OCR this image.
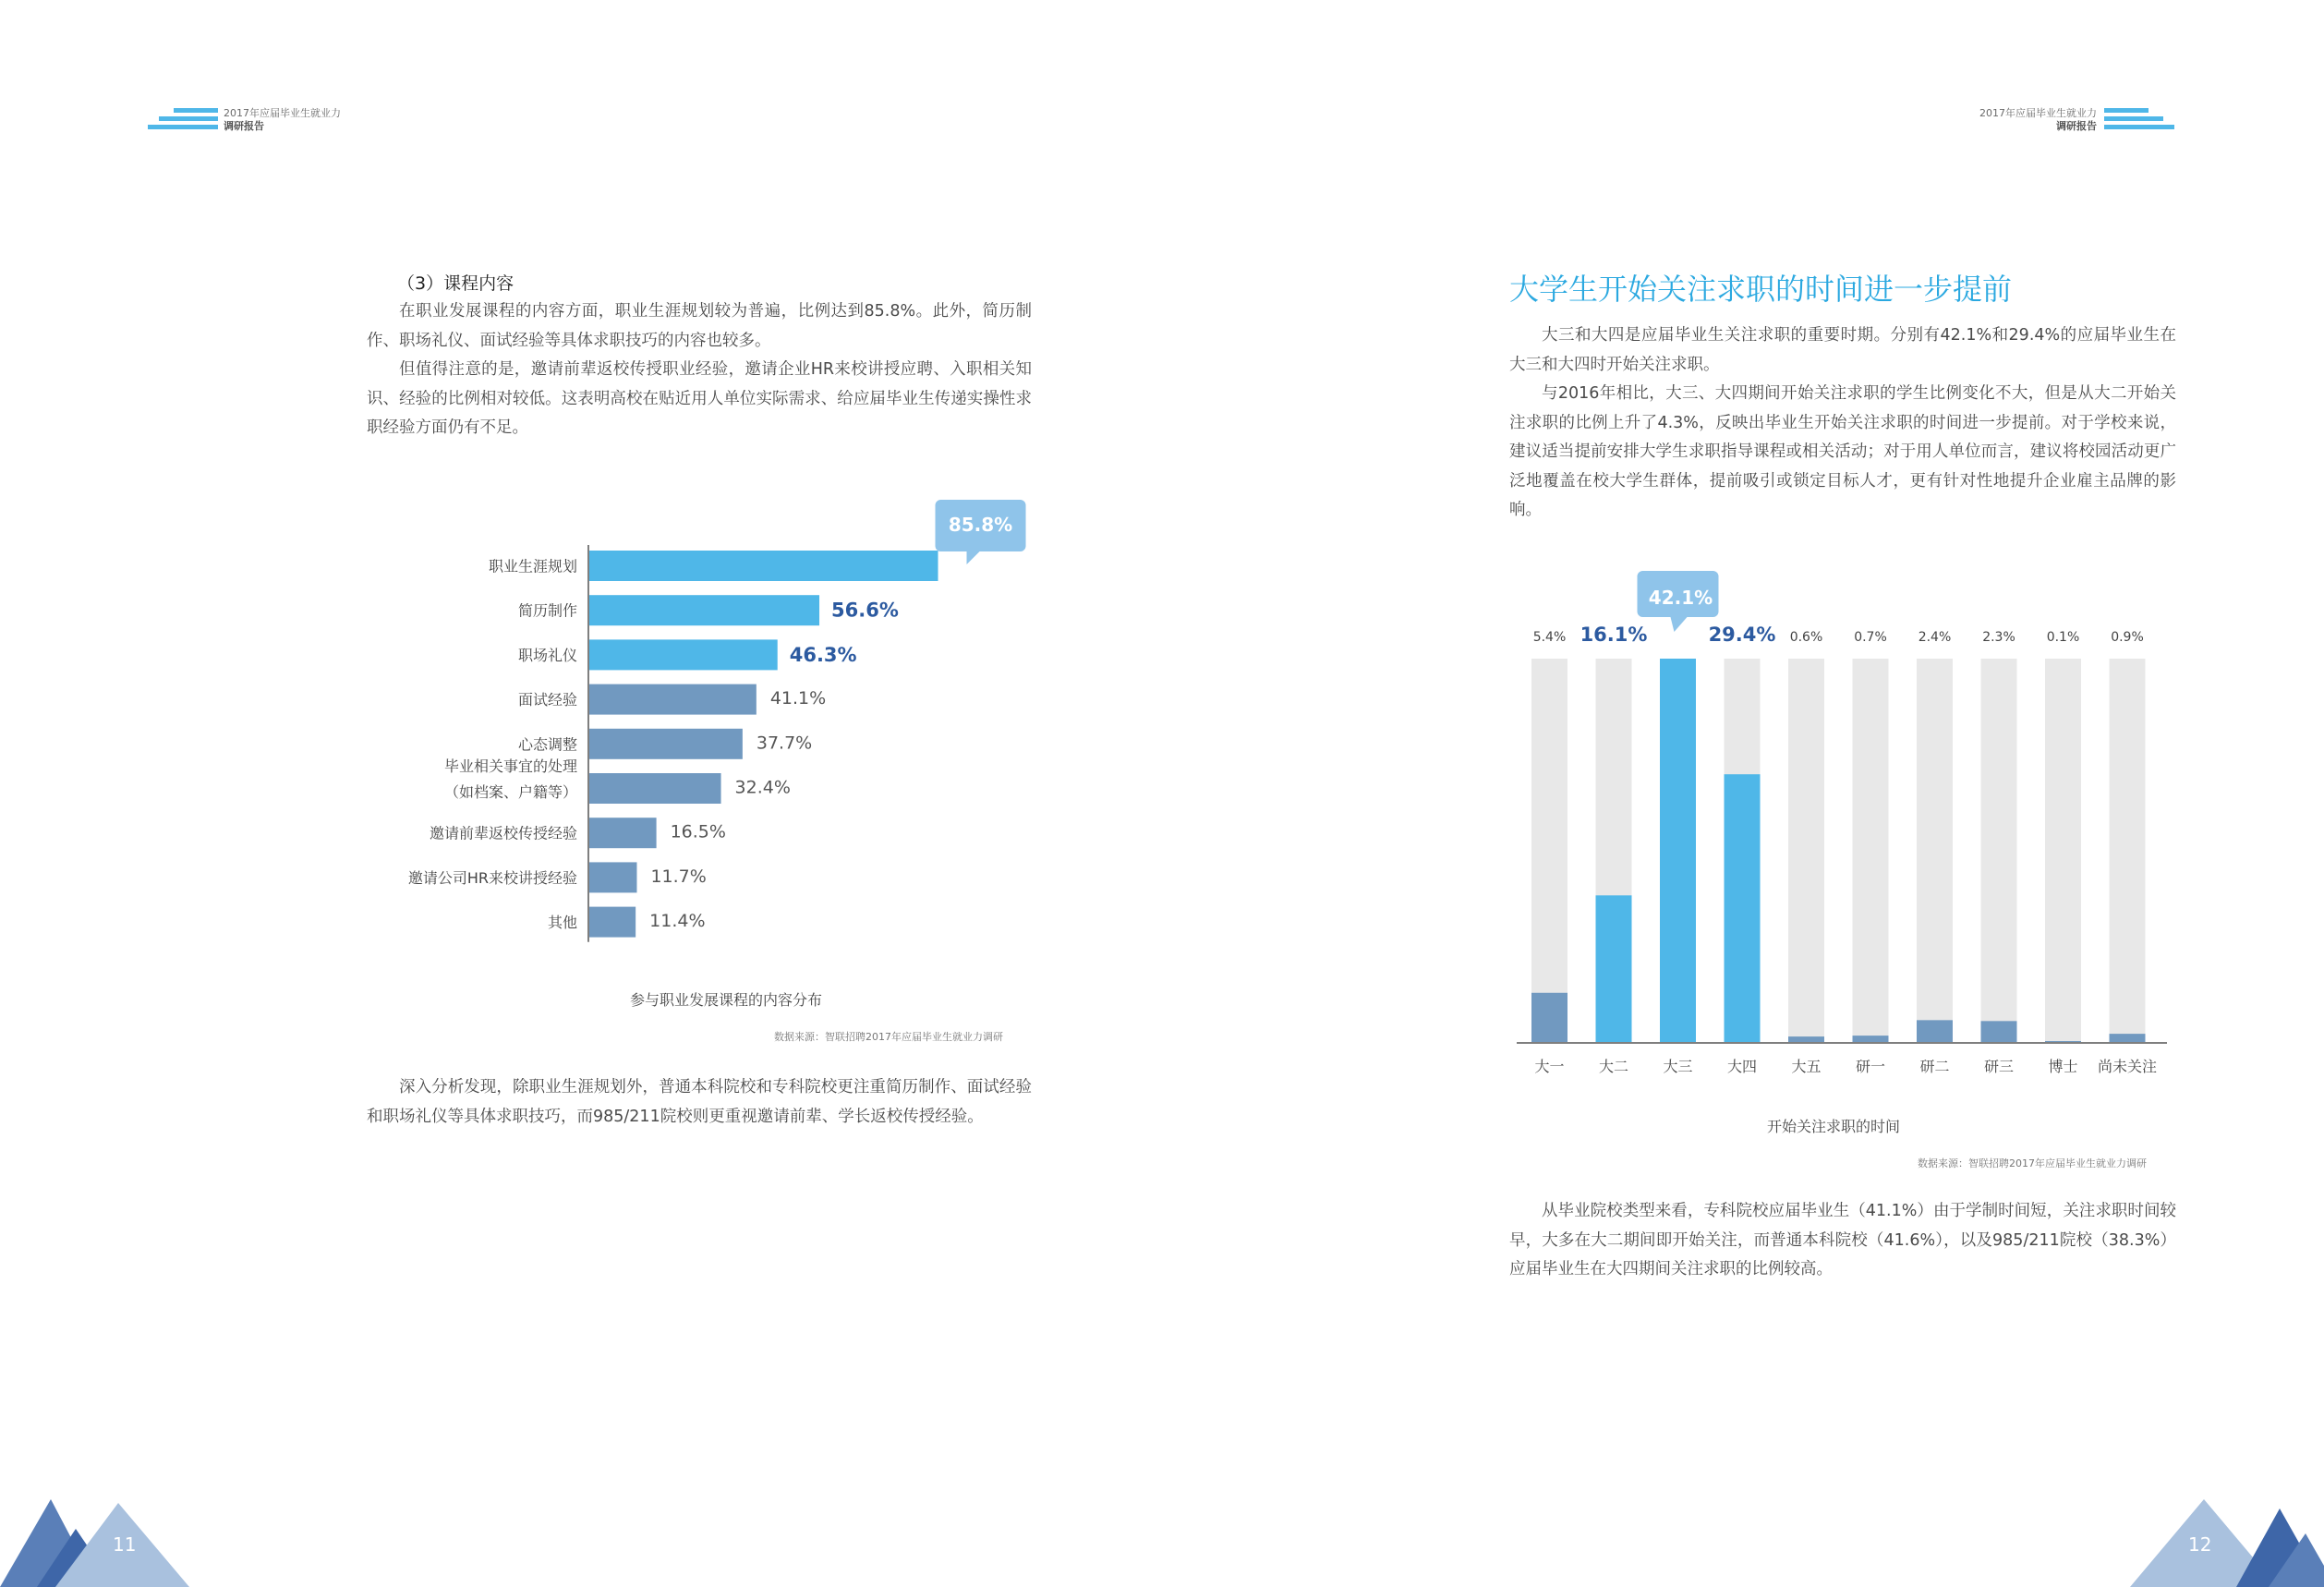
2017年应届毕业生就业力
调研报告
2017年应届毕业生就业力
调研报告
（3）课程内容

在职业发展课程的内容方面，职业生涯规划较为普遍，比例达到85.8%。此外，简历制作、职场礼仪、面试经验等具体求职技巧的内容也较多。

但值得注意的是，邀请前辈返校传授职业经验，邀请企业HR来校讲授应聘、入职相关知识、经验的比例相对较低。这表明高校在贴近用人单位实际需求、给应届毕业生传递实操性求职经验方面仍有不足。

职业生涯规划
85.8%
简历制作	56.6%
职场礼仪	46.3%
面试经验	41.1%
心态调整	37.7%
毕业相关事宜的处理
（如档案、户籍等）	32.4%
邀请前辈返校传授经验	16.5%
邀请公司HR来校讲授经验	11.7%
其他	11.4%
参与职业发展课程的内容分布
数据来源：智联招聘2017年应届毕业生就业力调研

深入分析发现，除职业生涯规划外，普通本科院校和专科院校更注重简历制作、面试经验和职场礼仪等具体求职技巧，而985/211院校则更重视邀请前辈、学长返校传授经验。

大学生开始关注求职的时间进一步提前

大三和大四是应届毕业生关注求职的重要时期。分别有42.1%和29.4%的应届毕业生在大三和大四时开始关注求职。

与2016年相比，大三、大四期间开始关注求职的学生比例变化不大，但是从大二开始关注求职的比例上升了4.3%，反映出毕业生开始关注求职的时间进一步提前。对于学校来说，建议适当提前安排大学生求职指导课程或相关活动；对于用人单位而言，建议将校园活动更广泛地覆盖在校大学生群体，提前吸引或锁定目标人才，更有针对性地提升企业雇主品牌的影响。

大一
5.4%
大二
16.1%
大三
42.1%
大四
29.4%
大五
0.6%
研一
0.7%
研二
2.4%
研三
2.3%
博士
0.1%
尚未关注
0.9%
开始关注求职的时间
数据来源：智联招聘2017年应届毕业生就业力调研

从毕业院校类型来看，专科院校应届毕业生（41.1%）由于学制时间短，关注求职时间较早，大多在大二期间即开始关注，而普通本科院校（41.6%），以及985/211院校（38.3%）应届毕业生在大四期间关注求职的比例较高。

11	12
